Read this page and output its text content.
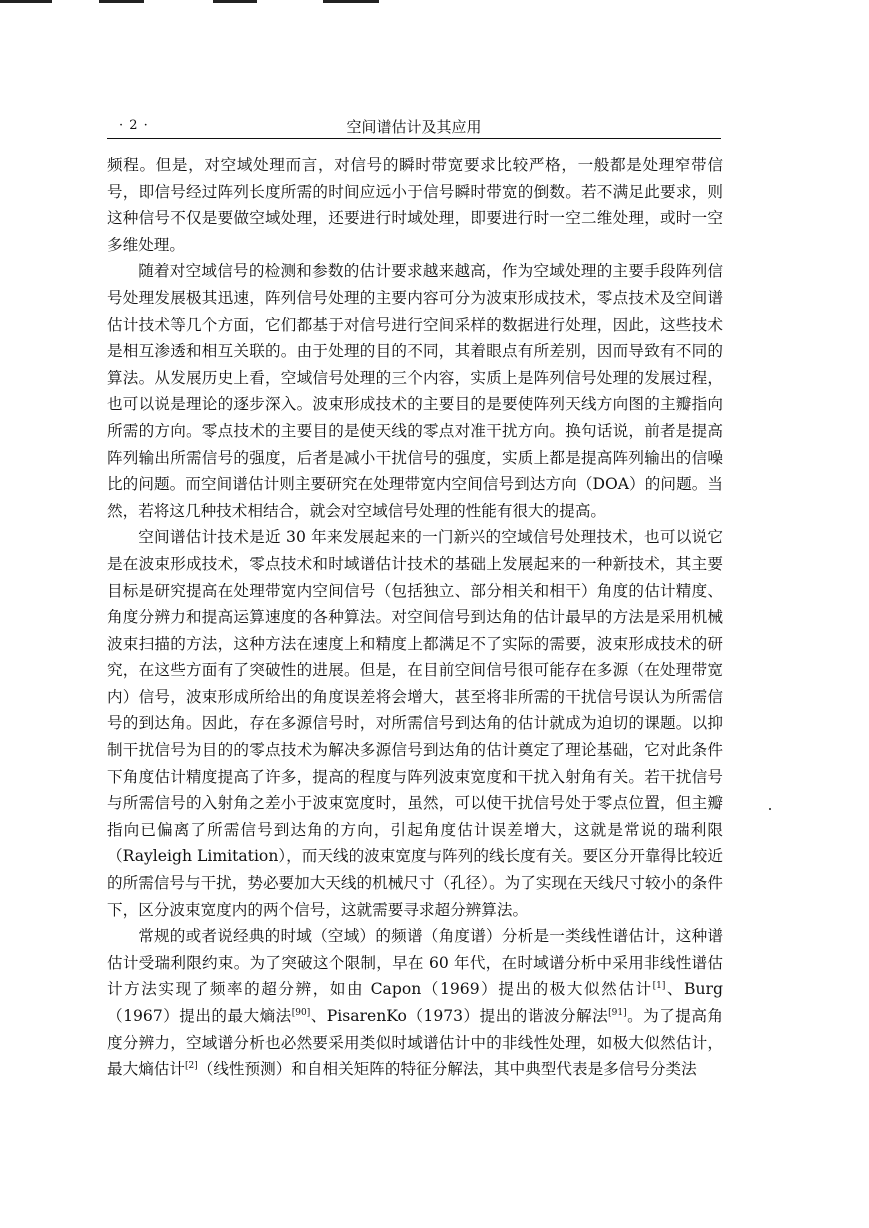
· 2 ·	空间谱估计及其应用

频程。但是，对空域处理而言，对信号的瞬时带宽要求比较严格，一般都是处理窄带信号，即信号经过阵列长度所需的时间应远小于信号瞬时带宽的倒数。若不满足此要求，则这种信号不仅是要做空域处理，还要进行时域处理，即要进行时一空二维处理，或时一空多维处理。

随着对空域信号的检测和参数的估计要求越来越高，作为空域处理的主要手段阵列信号处理发展极其迅速，阵列信号处理的主要内容可分为波束形成技术，零点技术及空间谱估计技术等几个方面，它们都基于对信号进行空间采样的数据进行处理，因此，这些技术是相互渗透和相互关联的。由于处理的目的不同，其着眼点有所差别，因而导致有不同的算法。从发展历史上看，空域信号处理的三个内容，实质上是阵列信号处理的发展过程，也可以说是理论的逐步深入。波束形成技术的主要目的是要使阵列天线方向图的主瓣指向所需的方向。零点技术的主要目的是使天线的零点对准干扰方向。换句话说，前者是提高阵列输出所需信号的强度，后者是减小干扰信号的强度，实质上都是提高阵列输出的信噪比的问题。而空间谱估计则主要研究在处理带宽内空间信号到达方向（DOA）的问题。当然，若将这几种技术相结合，就会对空域信号处理的性能有很大的提高。

空间谱估计技术是近 30 年来发展起来的一门新兴的空域信号处理技术，也可以说它是在波束形成技术，零点技术和时域谱估计技术的基础上发展起来的一种新技术，其主要目标是研究提高在处理带宽内空间信号（包括独立、部分相关和相干）角度的估计精度、角度分辨力和提高运算速度的各种算法。对空间信号到达角的估计最早的方法是采用机械波束扫描的方法，这种方法在速度上和精度上都满足不了实际的需要，波束形成技术的研究，在这些方面有了突破性的进展。但是，在目前空间信号很可能存在多源（在处理带宽内）信号，波束形成所给出的角度误差将会增大，甚至将非所需的干扰信号误认为所需信号的到达角。因此，存在多源信号时，对所需信号到达角的估计就成为迫切的课题。以抑制干扰信号为目的的零点技术为解决多源信号到达角的估计奠定了理论基础，它对此条件下角度估计精度提高了许多，提高的程度与阵列波束宽度和干扰入射角有关。若干扰信号与所需信号的入射角之差小于波束宽度时，虽然，可以使干扰信号处于零点位置，但主瓣指向已偏离了所需信号到达角的方向，引起角度估计误差增大，这就是常说的瑞利限（Rayleigh Limitation），而天线的波束宽度与阵列的线长度有关。要区分开靠得比较近的所需信号与干扰，势必要加大天线的机械尺寸（孔径）。为了实现在天线尺寸较小的条件下，区分波束宽度内的两个信号，这就需要寻求超分辨算法。

常规的或者说经典的时域（空域）的频谱（角度谱）分析是一类线性谱估计，这种谱估计受瑞利限约束。为了突破这个限制，早在 60 年代，在时域谱分析中采用非线性谱估计方法实现了频率的超分辨，如由 Capon（1969）提出的极大似然估计[1]、Burg（1967）提出的最大熵法[90]、PisarenKo（1973）提出的谐波分解法[91]。为了提高角度分辨力，空域谱分析也必然要采用类似时域谱估计中的非线性处理，如极大似然估计，最大熵估计[2]（线性预测）和自相关矩阵的特征分解法，其中典型代表是多信号分类法
